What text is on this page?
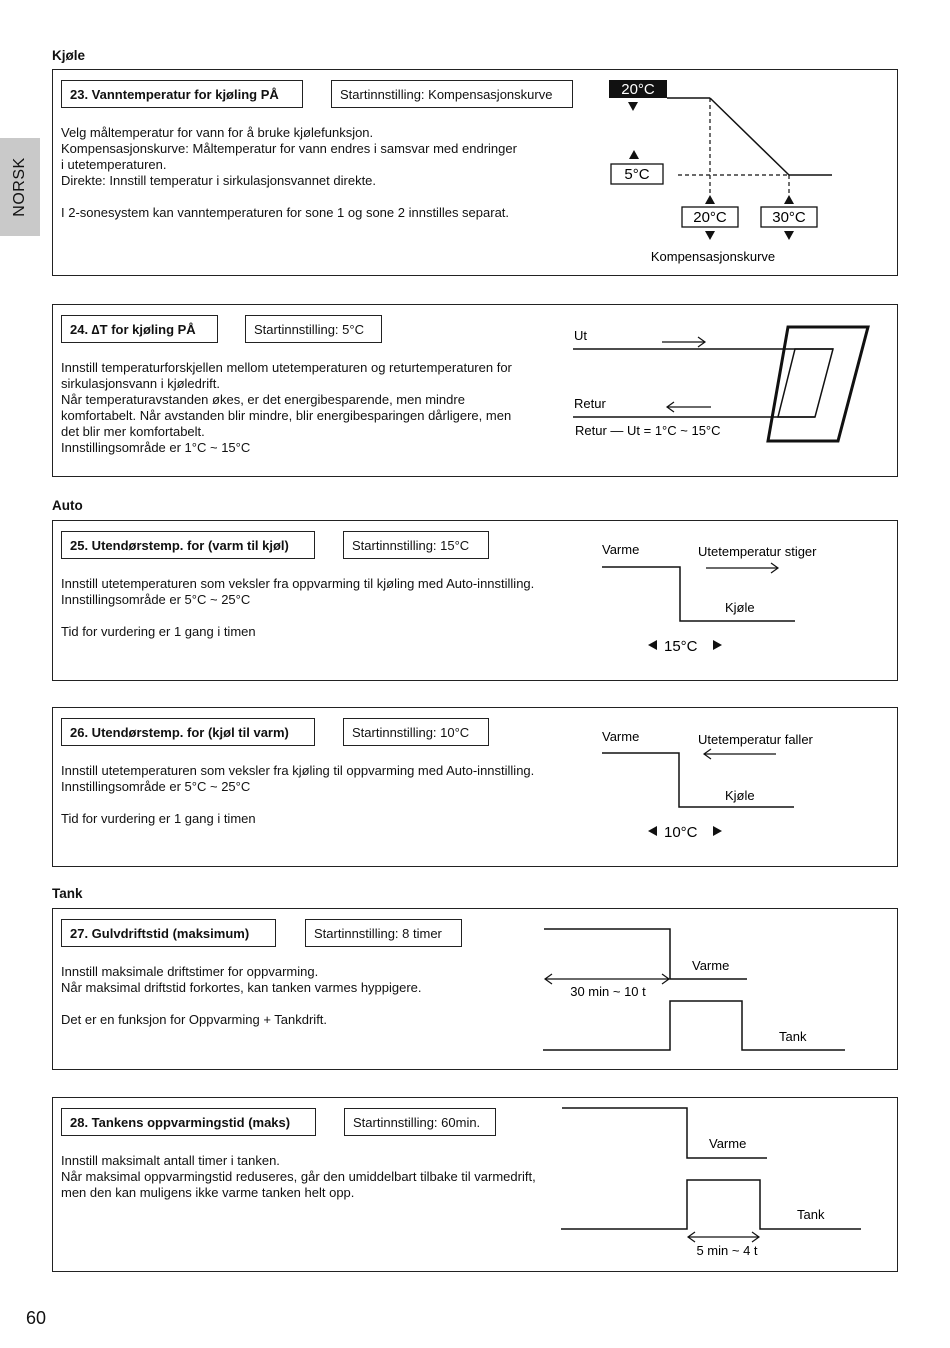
NORSK
Kjøle
23. Vanntemperatur for kjøling PÅ	Startinnstilling: Kompensasjonskurve
Velg måltemperatur for vann for å bruke kjølefunksjon.
Kompensasjonskurve: Måltemperatur for vann endres i samsvar med endringer
i utetemperaturen.
Direkte: Innstill temperatur i sirkulasjonsvannet direkte.
I 2-sonesystem kan vanntemperaturen for sone 1 og sone 2 innstilles separat.
20°C
5°C
20°C	30°C
Kompensasjonskurve
24. ∆T for kjøling PÅ	Startinnstilling: 5°C
Innstill temperaturforskjellen mellom utetemperaturen og returtemperaturen for
sirkulasjonsvann i kjøledrift.
Når temperaturavstanden økes, er det energibesparende, men mindre
komfortabelt. Når avstanden blir mindre, blir energibesparingen dårligere, men
det blir mer komfortabelt.
Innstillingsområde er 1°C ~ 15°C
Ut
Retur
Retur — Ut = 1°C ~ 15°C
Auto
25. Utendørstemp. for (varm til kjøl)	Startinnstilling: 15°C
Innstill utetemperaturen som veksler fra oppvarming til kjøling med Auto-innstilling.
Innstillingsområde er 5°C ~ 25°C
Tid for vurdering er 1 gang i timen
Varme	Utetemperatur stiger
Kjøle
15°C
26. Utendørstemp. for (kjøl til varm)	Startinnstilling: 10°C
Innstill utetemperaturen som veksler fra kjøling til oppvarming med Auto-innstilling.
Innstillingsområde er 5°C ~ 25°C
Tid for vurdering er 1 gang i timen
Varme	Utetemperatur faller
Kjøle
10°C
Tank
27. Gulvdriftstid (maksimum)	Startinnstilling: 8 timer
Innstill maksimale driftstimer for oppvarming.
Når maksimal driftstid forkortes, kan tanken varmes hyppigere.
Det er en funksjon for Oppvarming + Tankdrift.
Varme
30 min ~ 10 t
Tank
28. Tankens oppvarmingstid (maks)	Startinnstilling: 60min.
Innstill maksimalt antall timer i tanken.
Når maksimal oppvarmingstid reduseres, går den umiddelbart tilbake til varmedrift,
men den kan muligens ikke varme tanken helt opp.
Varme
Tank
5 min ~ 4 t
60
